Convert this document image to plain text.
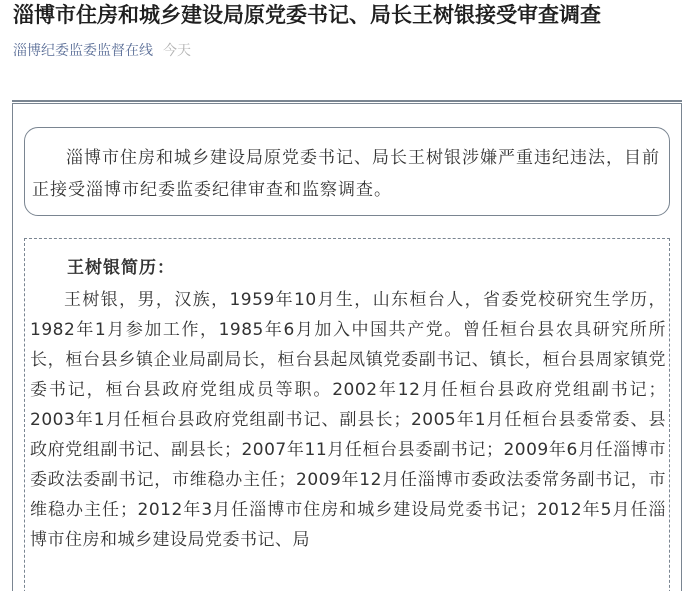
淄博市住房和城乡建设局原党委书记、局长王树银接受审查调查
淄博纪委监委监督在线 今天

淄博市住房和城乡建设局原党委书记、局长王树银涉嫌严重违纪违法，目前正接受淄博市纪委监委纪律审查和监察调查。

王树银简历：

王树银，男，汉族，1959年10月生，山东桓台人，省委党校研究生学历，1982年1月参加工作，1985年6月加入中国共产党。曾任桓台县农具研究所所长，桓台县乡镇企业局副局长，桓台县起凤镇党委副书记、镇长，桓台县周家镇党委书记，桓台县政府党组成员等职。2002年12月任桓台县政府党组副书记；2003年1月任桓台县政府党组副书记、副县长；2005年1月任桓台县委常委、县政府党组副书记、副县长；2007年11月任桓台县委副书记；2009年6月任淄博市委政法委副书记，市维稳办主任；2009年12月任淄博市委政法委常务副书记，市维稳办主任；2012年3月任淄博市住房和城乡建设局党委书记；2012年5月任淄博市住房和城乡建设局党委书记、局
